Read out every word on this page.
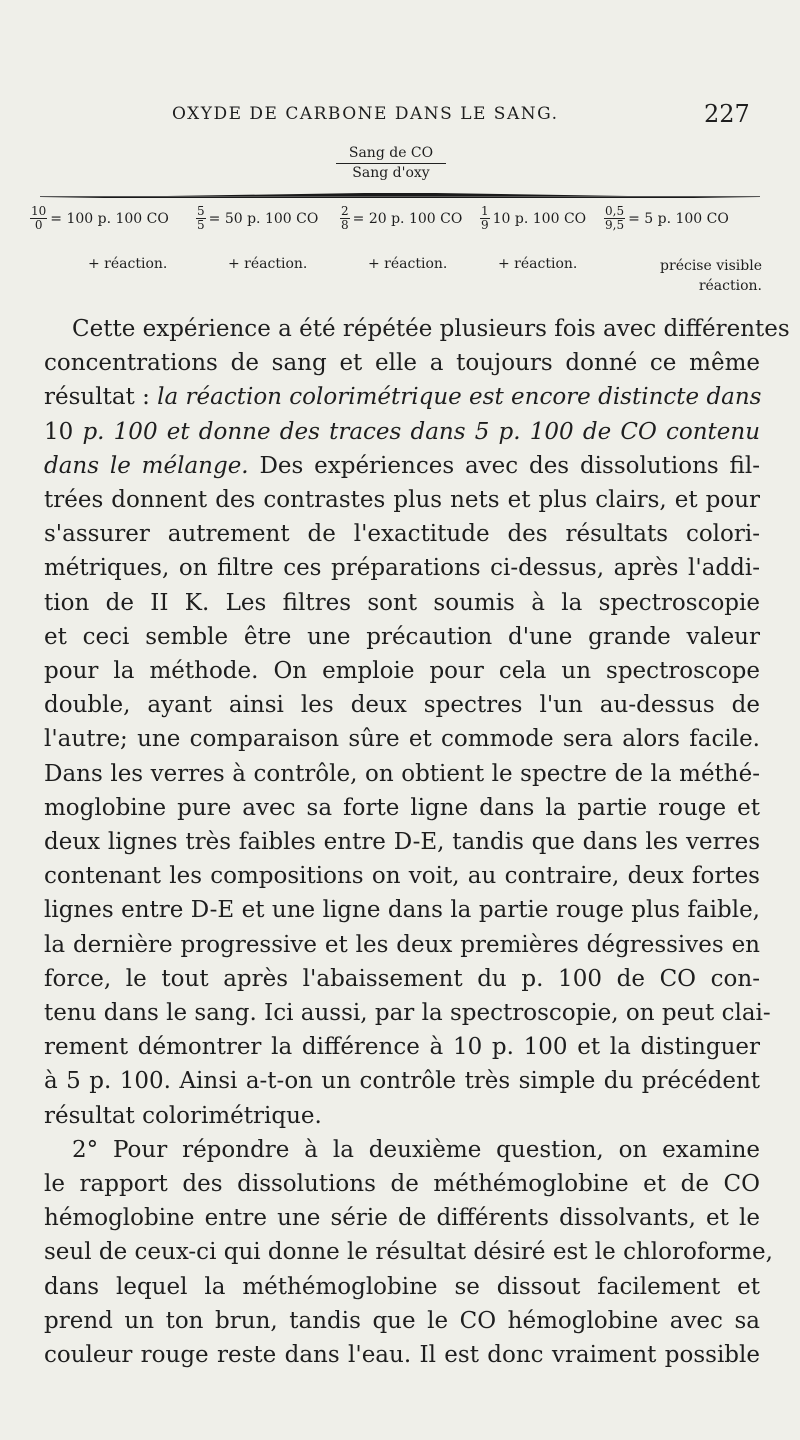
OXYDE DE CARBONE DANS LE SANG.	227
Sang de CO
Sang d'oxy
$\frac{10}{0} = 100$ p. 100 CO $\frac{5}{5} = 50$ p. 100 CO $\frac{2}{8} = 20$ p. 100 CO $\frac{1}{9} 10$ p. 100 CO $\frac{0,5}{9,5} = 5$ p. 100 CO
+ réaction.	+ réaction.	+ réaction.	+ réaction.	précise visible
réaction.
Cette expérience a été répétée plusieurs fois avec différentes
concentrations de sang et elle a toujours donné ce même
résultat : la réaction colorimétrique est encore distincte dans
10 p. 100 et donne des traces dans 5 p. 100 de CO contenu
dans le mélange. Des expériences avec des dissolutions fil-
trées donnent des contrastes plus nets et plus clairs, et pour
s'assurer autrement de l'exactitude des résultats colori-
métriques, on filtre ces préparations ci-dessus, après l'addi-
tion de II K. Les filtres sont soumis à la spectroscopie
et ceci semble être une précaution d'une grande valeur
pour la méthode. On emploie pour cela un spectroscope
double, ayant ainsi les deux spectres l'un au-dessus de
l'autre; une comparaison sûre et commode sera alors facile.
Dans les verres à contrôle, on obtient le spectre de la méthé-
moglobine pure avec sa forte ligne dans la partie rouge et
deux lignes très faibles entre D-E, tandis que dans les verres
contenant les compositions on voit, au contraire, deux fortes
lignes entre D-E et une ligne dans la partie rouge plus faible,
la dernière progressive et les deux premières dégressives en
force, le tout après l'abaissement du p. 100 de CO con-
tenu dans le sang. Ici aussi, par la spectroscopie, on peut clai-
rement démontrer la différence à 10 p. 100 et la distinguer
à 5 p. 100. Ainsi a-t-on un contrôle très simple du précédent
résultat colorimétrique.
2° Pour répondre à la deuxième question, on examine
le rapport des dissolutions de méthémoglobine et de CO
hémoglobine entre une série de différents dissolvants, et le
seul de ceux-ci qui donne le résultat désiré est le chloroforme,
dans lequel la méthémoglobine se dissout facilement et
prend un ton brun, tandis que le CO hémoglobine avec sa
couleur rouge reste dans l'eau. Il est donc vraiment possible
